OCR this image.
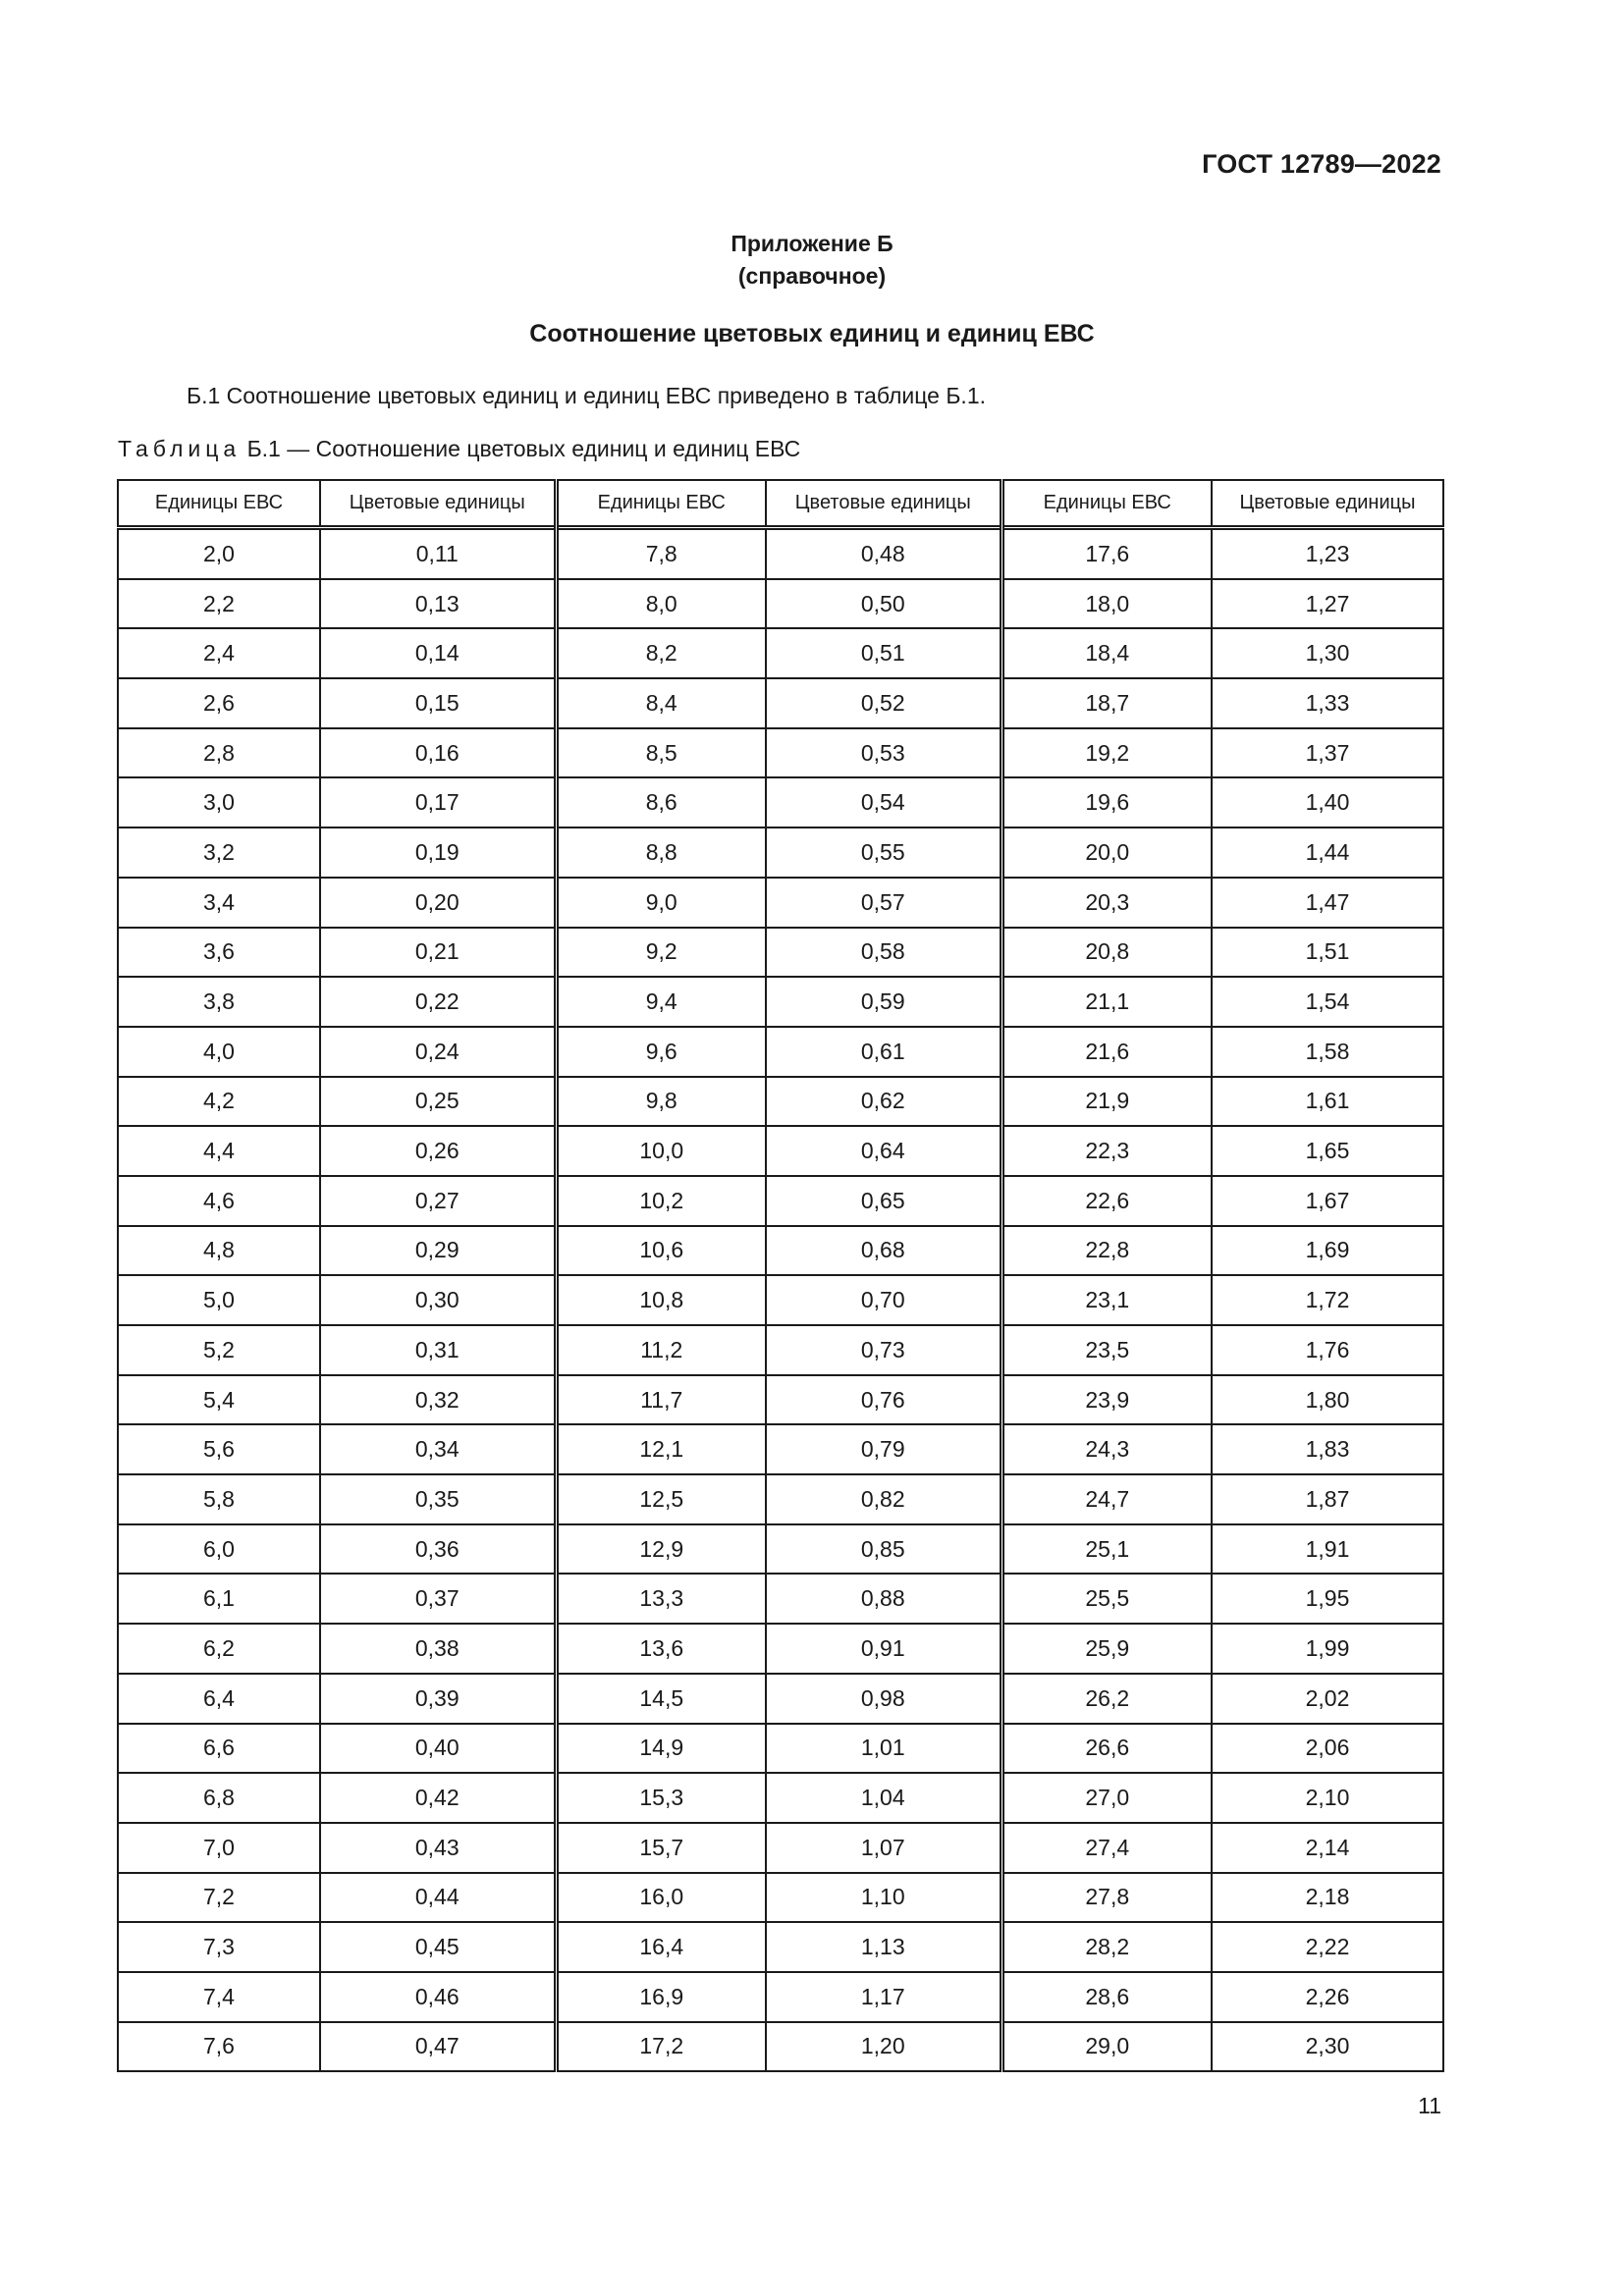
ГОСТ 12789—2022
Приложение Б
(справочное)
Соотношение цветовых единиц и единиц ЕВС
Б.1 Соотношение цветовых единиц и единиц ЕВС приведено в таблице Б.1.
Таблица Б.1 — Соотношение цветовых единиц и единиц ЕВС
Единицы ЕВС	Цветовые единицы	Единицы ЕВС	Цветовые единицы	Единицы ЕВС	Цветовые единицы
2,0	0,11	7,8	0,48	17,6	1,23
2,2	0,13	8,0	0,50	18,0	1,27
2,4	0,14	8,2	0,51	18,4	1,30
2,6	0,15	8,4	0,52	18,7	1,33
2,8	0,16	8,5	0,53	19,2	1,37
3,0	0,17	8,6	0,54	19,6	1,40
3,2	0,19	8,8	0,55	20,0	1,44
3,4	0,20	9,0	0,57	20,3	1,47
3,6	0,21	9,2	0,58	20,8	1,51
3,8	0,22	9,4	0,59	21,1	1,54
4,0	0,24	9,6	0,61	21,6	1,58
4,2	0,25	9,8	0,62	21,9	1,61
4,4	0,26	10,0	0,64	22,3	1,65
4,6	0,27	10,2	0,65	22,6	1,67
4,8	0,29	10,6	0,68	22,8	1,69
5,0	0,30	10,8	0,70	23,1	1,72
5,2	0,31	11,2	0,73	23,5	1,76
5,4	0,32	11,7	0,76	23,9	1,80
5,6	0,34	12,1	0,79	24,3	1,83
5,8	0,35	12,5	0,82	24,7	1,87
6,0	0,36	12,9	0,85	25,1	1,91
6,1	0,37	13,3	0,88	25,5	1,95
6,2	0,38	13,6	0,91	25,9	1,99
6,4	0,39	14,5	0,98	26,2	2,02
6,6	0,40	14,9	1,01	26,6	2,06
6,8	0,42	15,3	1,04	27,0	2,10
7,0	0,43	15,7	1,07	27,4	2,14
7,2	0,44	16,0	1,10	27,8	2,18
7,3	0,45	16,4	1,13	28,2	2,22
7,4	0,46	16,9	1,17	28,6	2,26
7,6	0,47	17,2	1,20	29,0	2,30
11
